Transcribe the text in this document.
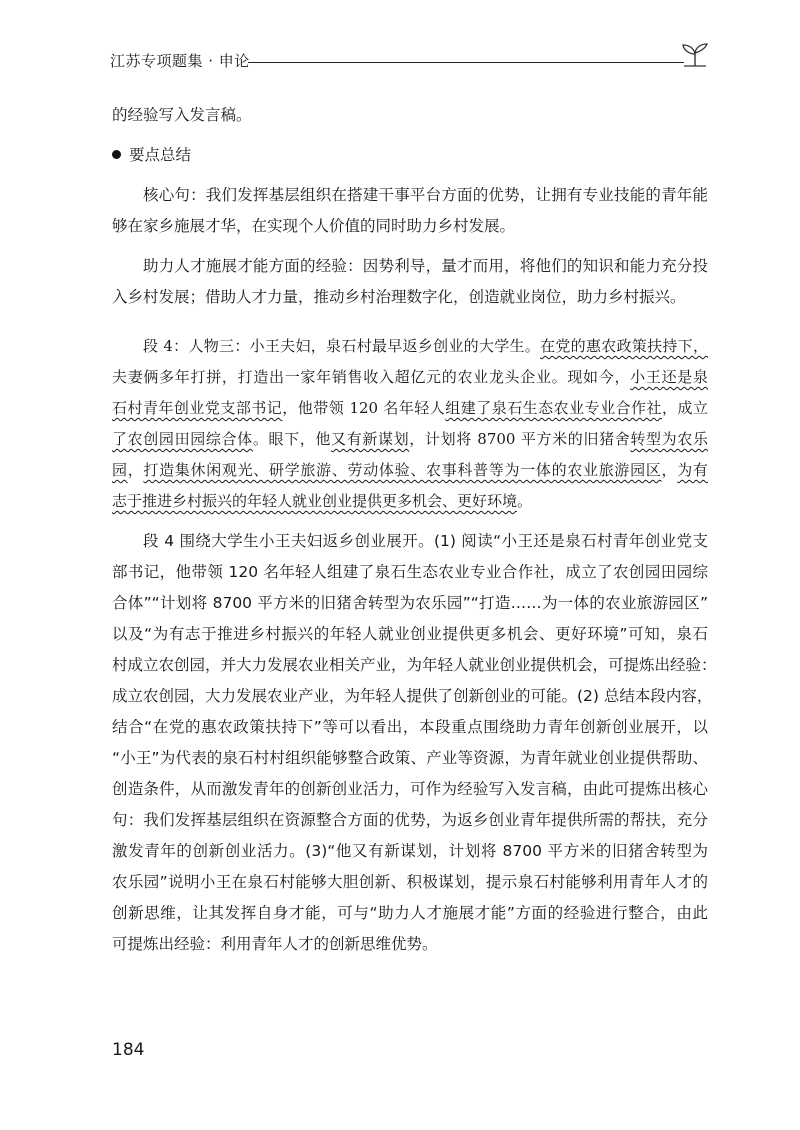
江苏专项题集 · 申论
的经验写入发言稿。
要点总结
核心句：我们发挥基层组织在搭建干事平台方面的优势，让拥有专业技能的青年能
够在家乡施展才华，在实现个人价值的同时助力乡村发展。
助力人才施展才能方面的经验：因势利导，量才而用，将他们的知识和能力充分投
入乡村发展；借助人才力量，推动乡村治理数字化，创造就业岗位，助力乡村振兴。
段 4：人物三：小王夫妇，泉石村最早返乡创业的大学生。在党的惠农政策扶持下，
夫妻俩多年打拼，打造出一家年销售收入超亿元的农业龙头企业。现如今，小王还是泉
石村青年创业党支部书记，他带领 120 名年轻人组建了泉石生态农业专业合作社，成立
了农创园田园综合体。眼下，他又有新谋划，计划将 8700 平方米的旧猪舍转型为农乐
园，打造集休闲观光、研学旅游、劳动体验、农事科普等为一体的农业旅游园区，为有
志于推进乡村振兴的年轻人就业创业提供更多机会、更好环境。
段 4 围绕大学生小王夫妇返乡创业展开。(1) 阅读“小王还是泉石村青年创业党支
部书记，他带领 120 名年轻人组建了泉石生态农业专业合作社，成立了农创园田园综
合体”“计划将 8700 平方米的旧猪舍转型为农乐园”“打造……为一体的农业旅游园区”
以及“为有志于推进乡村振兴的年轻人就业创业提供更多机会、更好环境”可知，泉石
村成立农创园，并大力发展农业相关产业，为年轻人就业创业提供机会，可提炼出经验：
成立农创园，大力发展农业产业，为年轻人提供了创新创业的可能。(2) 总结本段内容，
结合“在党的惠农政策扶持下”等可以看出，本段重点围绕助力青年创新创业展开，以
“小王”为代表的泉石村村组织能够整合政策、产业等资源，为青年就业创业提供帮助、
创造条件，从而激发青年的创新创业活力，可作为经验写入发言稿，由此可提炼出核心
句：我们发挥基层组织在资源整合方面的优势，为返乡创业青年提供所需的帮扶，充分
激发青年的创新创业活力。(3)“他又有新谋划，计划将 8700 平方米的旧猪舍转型为
农乐园”说明小王在泉石村能够大胆创新、积极谋划，提示泉石村能够利用青年人才的
创新思维，让其发挥自身才能，可与“助力人才施展才能”方面的经验进行整合，由此
可提炼出经验：利用青年人才的创新思维优势。
184
